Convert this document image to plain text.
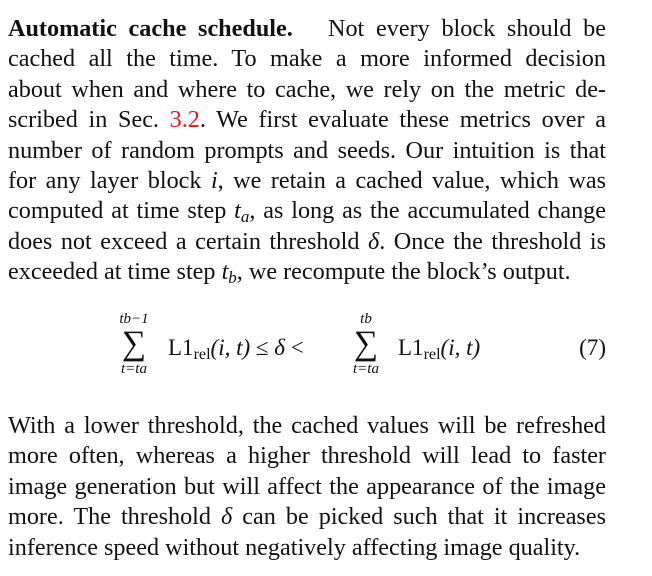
Automatic cache schedule. Not every block should be
cached all the time. To make a more informed decision
about when and where to cache, we rely on the metric de-
scribed in Sec. 3.2. We first evaluate these metrics over a
number of random prompts and seeds. Our intuition is that
for any layer block i, we retain a cached value, which was
computed at time step $t_a$, as long as the accumulated change
does not exceed a certain threshold δ. Once the threshold is
exceeded at time step $t_b$, we recompute the block’s output.
tb−1
∑
t=ta
$L1_{rel}(i$, t) ≤ δ <
tb
∑
t=ta
$L1_{rel}(i$, t)	(7)
With a lower threshold, the cached values will be refreshed
more often, whereas a higher threshold will lead to faster
image generation but will affect the appearance of the image
more. The threshold δ can be picked such that it increases
inference speed without negatively affecting image quality.
